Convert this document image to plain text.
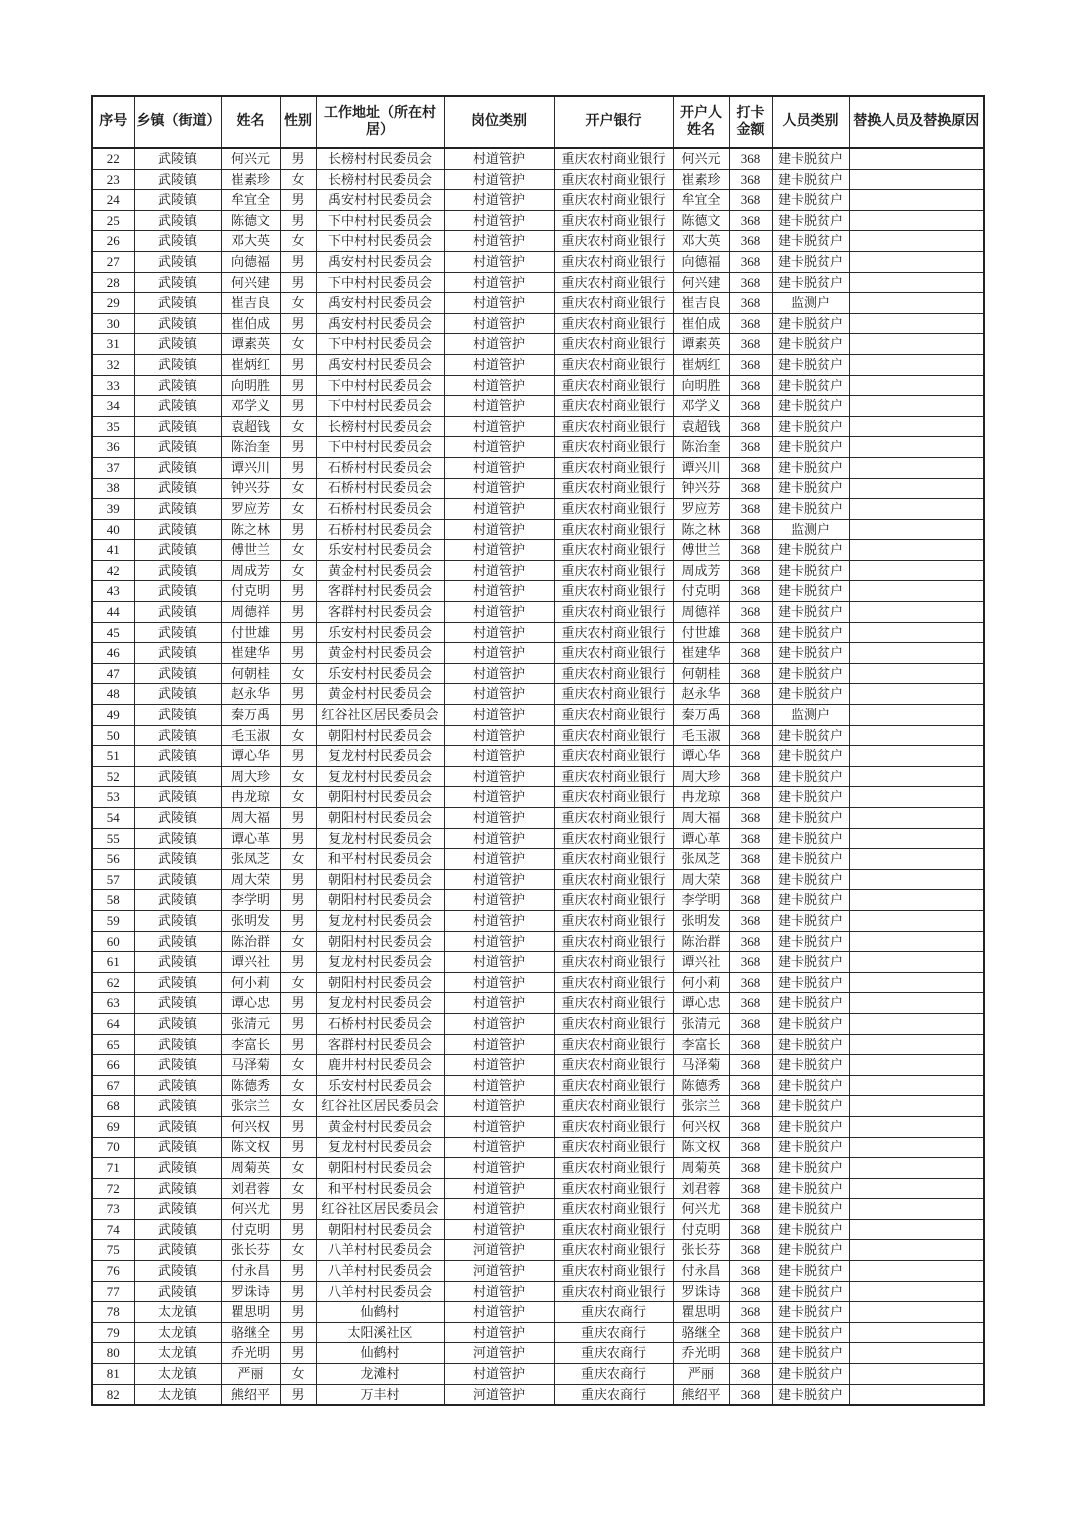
序号	乡镇（街道）	姓名	性别	工作地址（所在村居）	岗位类别	开户银行	开户人姓名	打卡金额	人员类别	替换人员及替换原因
22	武陵镇	何兴元	男	长榜村村民委员会	村道管护	重庆农村商业银行	何兴元	368	建卡脱贫户	
23	武陵镇	崔素珍	女	长榜村村民委员会	村道管护	重庆农村商业银行	崔素珍	368	建卡脱贫户	
24	武陵镇	牟宜全	男	禹安村村民委员会	村道管护	重庆农村商业银行	牟宜全	368	建卡脱贫户	
25	武陵镇	陈德文	男	下中村村民委员会	村道管护	重庆农村商业银行	陈德文	368	建卡脱贫户	
26	武陵镇	邓大英	女	下中村村民委员会	村道管护	重庆农村商业银行	邓大英	368	建卡脱贫户	
27	武陵镇	向德福	男	禹安村村民委员会	村道管护	重庆农村商业银行	向德福	368	建卡脱贫户	
28	武陵镇	何兴建	男	下中村村民委员会	村道管护	重庆农村商业银行	何兴建	368	建卡脱贫户	
29	武陵镇	崔吉良	女	禹安村村民委员会	村道管护	重庆农村商业银行	崔吉良	368	监测户	
30	武陵镇	崔伯成	男	禹安村村民委员会	村道管护	重庆农村商业银行	崔伯成	368	建卡脱贫户	
31	武陵镇	谭素英	女	下中村村民委员会	村道管护	重庆农村商业银行	谭素英	368	建卡脱贫户	
32	武陵镇	崔炳红	男	禹安村村民委员会	村道管护	重庆农村商业银行	崔炳红	368	建卡脱贫户	
33	武陵镇	向明胜	男	下中村村民委员会	村道管护	重庆农村商业银行	向明胜	368	建卡脱贫户	
34	武陵镇	邓学义	男	下中村村民委员会	村道管护	重庆农村商业银行	邓学义	368	建卡脱贫户	
35	武陵镇	袁超钱	女	长榜村村民委员会	村道管护	重庆农村商业银行	袁超钱	368	建卡脱贫户	
36	武陵镇	陈治奎	男	下中村村民委员会	村道管护	重庆农村商业银行	陈治奎	368	建卡脱贫户	
37	武陵镇	谭兴川	男	石桥村村民委员会	村道管护	重庆农村商业银行	谭兴川	368	建卡脱贫户	
38	武陵镇	钟兴芬	女	石桥村村民委员会	村道管护	重庆农村商业银行	钟兴芬	368	建卡脱贫户	
39	武陵镇	罗应芳	女	石桥村村民委员会	村道管护	重庆农村商业银行	罗应芳	368	建卡脱贫户	
40	武陵镇	陈之林	男	石桥村村民委员会	村道管护	重庆农村商业银行	陈之林	368	监测户	
41	武陵镇	傅世兰	女	乐安村村民委员会	村道管护	重庆农村商业银行	傅世兰	368	建卡脱贫户	
42	武陵镇	周成芳	女	黄金村村民委员会	村道管护	重庆农村商业银行	周成芳	368	建卡脱贫户	
43	武陵镇	付克明	男	客群村村民委员会	村道管护	重庆农村商业银行	付克明	368	建卡脱贫户	
44	武陵镇	周德祥	男	客群村村民委员会	村道管护	重庆农村商业银行	周德祥	368	建卡脱贫户	
45	武陵镇	付世雄	男	乐安村村民委员会	村道管护	重庆农村商业银行	付世雄	368	建卡脱贫户	
46	武陵镇	崔建华	男	黄金村村民委员会	村道管护	重庆农村商业银行	崔建华	368	建卡脱贫户	
47	武陵镇	何朝桂	女	乐安村村民委员会	村道管护	重庆农村商业银行	何朝桂	368	建卡脱贫户	
48	武陵镇	赵永华	男	黄金村村民委员会	村道管护	重庆农村商业银行	赵永华	368	建卡脱贫户	
49	武陵镇	秦万禹	男	红谷社区居民委员会	村道管护	重庆农村商业银行	秦万禹	368	监测户	
50	武陵镇	毛玉淑	女	朝阳村村民委员会	村道管护	重庆农村商业银行	毛玉淑	368	建卡脱贫户	
51	武陵镇	谭心华	男	复龙村村民委员会	村道管护	重庆农村商业银行	谭心华	368	建卡脱贫户	
52	武陵镇	周大珍	女	复龙村村民委员会	村道管护	重庆农村商业银行	周大珍	368	建卡脱贫户	
53	武陵镇	冉龙琼	女	朝阳村村民委员会	村道管护	重庆农村商业银行	冉龙琼	368	建卡脱贫户	
54	武陵镇	周大福	男	朝阳村村民委员会	村道管护	重庆农村商业银行	周大福	368	建卡脱贫户	
55	武陵镇	谭心革	男	复龙村村民委员会	村道管护	重庆农村商业银行	谭心革	368	建卡脱贫户	
56	武陵镇	张凤芝	女	和平村村民委员会	村道管护	重庆农村商业银行	张凤芝	368	建卡脱贫户	
57	武陵镇	周大荣	男	朝阳村村民委员会	村道管护	重庆农村商业银行	周大荣	368	建卡脱贫户	
58	武陵镇	李学明	男	朝阳村村民委员会	村道管护	重庆农村商业银行	李学明	368	建卡脱贫户	
59	武陵镇	张明发	男	复龙村村民委员会	村道管护	重庆农村商业银行	张明发	368	建卡脱贫户	
60	武陵镇	陈治群	女	朝阳村村民委员会	村道管护	重庆农村商业银行	陈治群	368	建卡脱贫户	
61	武陵镇	谭兴社	男	复龙村村民委员会	村道管护	重庆农村商业银行	谭兴社	368	建卡脱贫户	
62	武陵镇	何小莉	女	朝阳村村民委员会	村道管护	重庆农村商业银行	何小莉	368	建卡脱贫户	
63	武陵镇	谭心忠	男	复龙村村民委员会	村道管护	重庆农村商业银行	谭心忠	368	建卡脱贫户	
64	武陵镇	张清元	男	石桥村村民委员会	村道管护	重庆农村商业银行	张清元	368	建卡脱贫户	
65	武陵镇	李富长	男	客群村村民委员会	村道管护	重庆农村商业银行	李富长	368	建卡脱贫户	
66	武陵镇	马泽菊	女	鹿井村村民委员会	村道管护	重庆农村商业银行	马泽菊	368	建卡脱贫户	
67	武陵镇	陈德秀	女	乐安村村民委员会	村道管护	重庆农村商业银行	陈德秀	368	建卡脱贫户	
68	武陵镇	张宗兰	女	红谷社区居民委员会	村道管护	重庆农村商业银行	张宗兰	368	建卡脱贫户	
69	武陵镇	何兴权	男	黄金村村民委员会	村道管护	重庆农村商业银行	何兴权	368	建卡脱贫户	
70	武陵镇	陈文权	男	复龙村村民委员会	村道管护	重庆农村商业银行	陈文权	368	建卡脱贫户	
71	武陵镇	周菊英	女	朝阳村村民委员会	村道管护	重庆农村商业银行	周菊英	368	建卡脱贫户	
72	武陵镇	刘君蓉	女	和平村村民委员会	村道管护	重庆农村商业银行	刘君蓉	368	建卡脱贫户	
73	武陵镇	何兴尤	男	红谷社区居民委员会	村道管护	重庆农村商业银行	何兴尤	368	建卡脱贫户	
74	武陵镇	付克明	男	朝阳村村民委员会	村道管护	重庆农村商业银行	付克明	368	建卡脱贫户	
75	武陵镇	张长芬	女	八羊村村民委员会	河道管护	重庆农村商业银行	张长芬	368	建卡脱贫户	
76	武陵镇	付永昌	男	八羊村村民委员会	河道管护	重庆农村商业银行	付永昌	368	建卡脱贫户	
77	武陵镇	罗诛诗	男	八羊村村民委员会	村道管护	重庆农村商业银行	罗诛诗	368	建卡脱贫户	
78	太龙镇	瞿思明	男	仙鹤村	村道管护	重庆农商行	瞿思明	368	建卡脱贫户	
79	太龙镇	骆继全	男	太阳溪社区	村道管护	重庆农商行	骆继全	368	建卡脱贫户	
80	太龙镇	乔光明	男	仙鹤村	河道管护	重庆农商行	乔光明	368	建卡脱贫户	
81	太龙镇	严丽	女	龙滩村	村道管护	重庆农商行	严丽	368	建卡脱贫户	
82	太龙镇	熊绍平	男	万丰村	河道管护	重庆农商行	熊绍平	368	建卡脱贫户	
